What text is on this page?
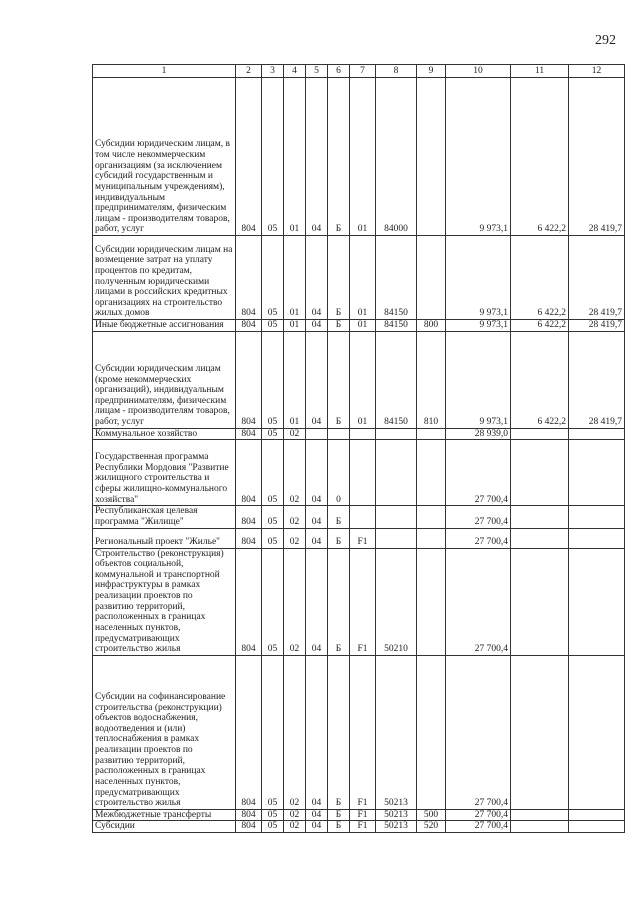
292
1	2	3	4	5	6	7	8	9	10	11	12
Субсидии юридическим лицам, в том числе некоммерческим организациям (за исключением субсидий государственным и муниципальным учреждениям), индивидуальным предпринимателям, физическим лицам - производителям товаров, работ, услуг	804	05	01	04	Б	01	84000		9 973,1	6 422,2	28 419,7
Субсидии юридическим лицам на возмещение затрат на уплату процентов по кредитам, полученным юридическими лицами в российских кредитных организациях на строительство жилых домов	804	05	01	04	Б	01	84150		9 973,1	6 422,2	28 419,7
Иные бюджетные ассигнования	804	05	01	04	Б	01	84150	800	9 973,1	6 422,2	28 419,7
Субсидии юридическим лицам (кроме некоммерческих организаций), индивидуальным предпринимателям, физическим лицам - производителям товаров, работ, услуг	804	05	01	04	Б	01	84150	810	9 973,1	6 422,2	28 419,7
Коммунальное хозяйство	804	05	02						28 939,0		
Государственная программа Республики Мордовия "Развитие жилищного строительства и сферы жилищно-коммунального хозяйства"	804	05	02	04	0				27 700,4		
Республиканская целевая программа "Жилище"	804	05	02	04	Б				27 700,4		
Региональный проект "Жилье"	804	05	02	04	Б	F1			27 700,4		
Строительство (реконструкция) объектов социальной, коммунальной и транспортной инфраструктуры в рамках реализации проектов по развитию территорий, расположенных в границах населенных пунктов, предусматривающих строительство жилья	804	05	02	04	Б	F1	50210		27 700,4		
Субсидии на софинансирование строительства (реконструкции) объектов водоснабжения, водоотведения и (или) теплоснабжения в рамках реализации проектов по развитию территорий, расположенных в границах населенных пунктов, предусматривающих строительство жилья	804	05	02	04	Б	F1	50213		27 700,4		
Межбюджетные трансферты	804	05	02	04	Б	F1	50213	500	27 700,4		
Субсидии	804	05	02	04	Б	F1	50213	520	27 700,4		
